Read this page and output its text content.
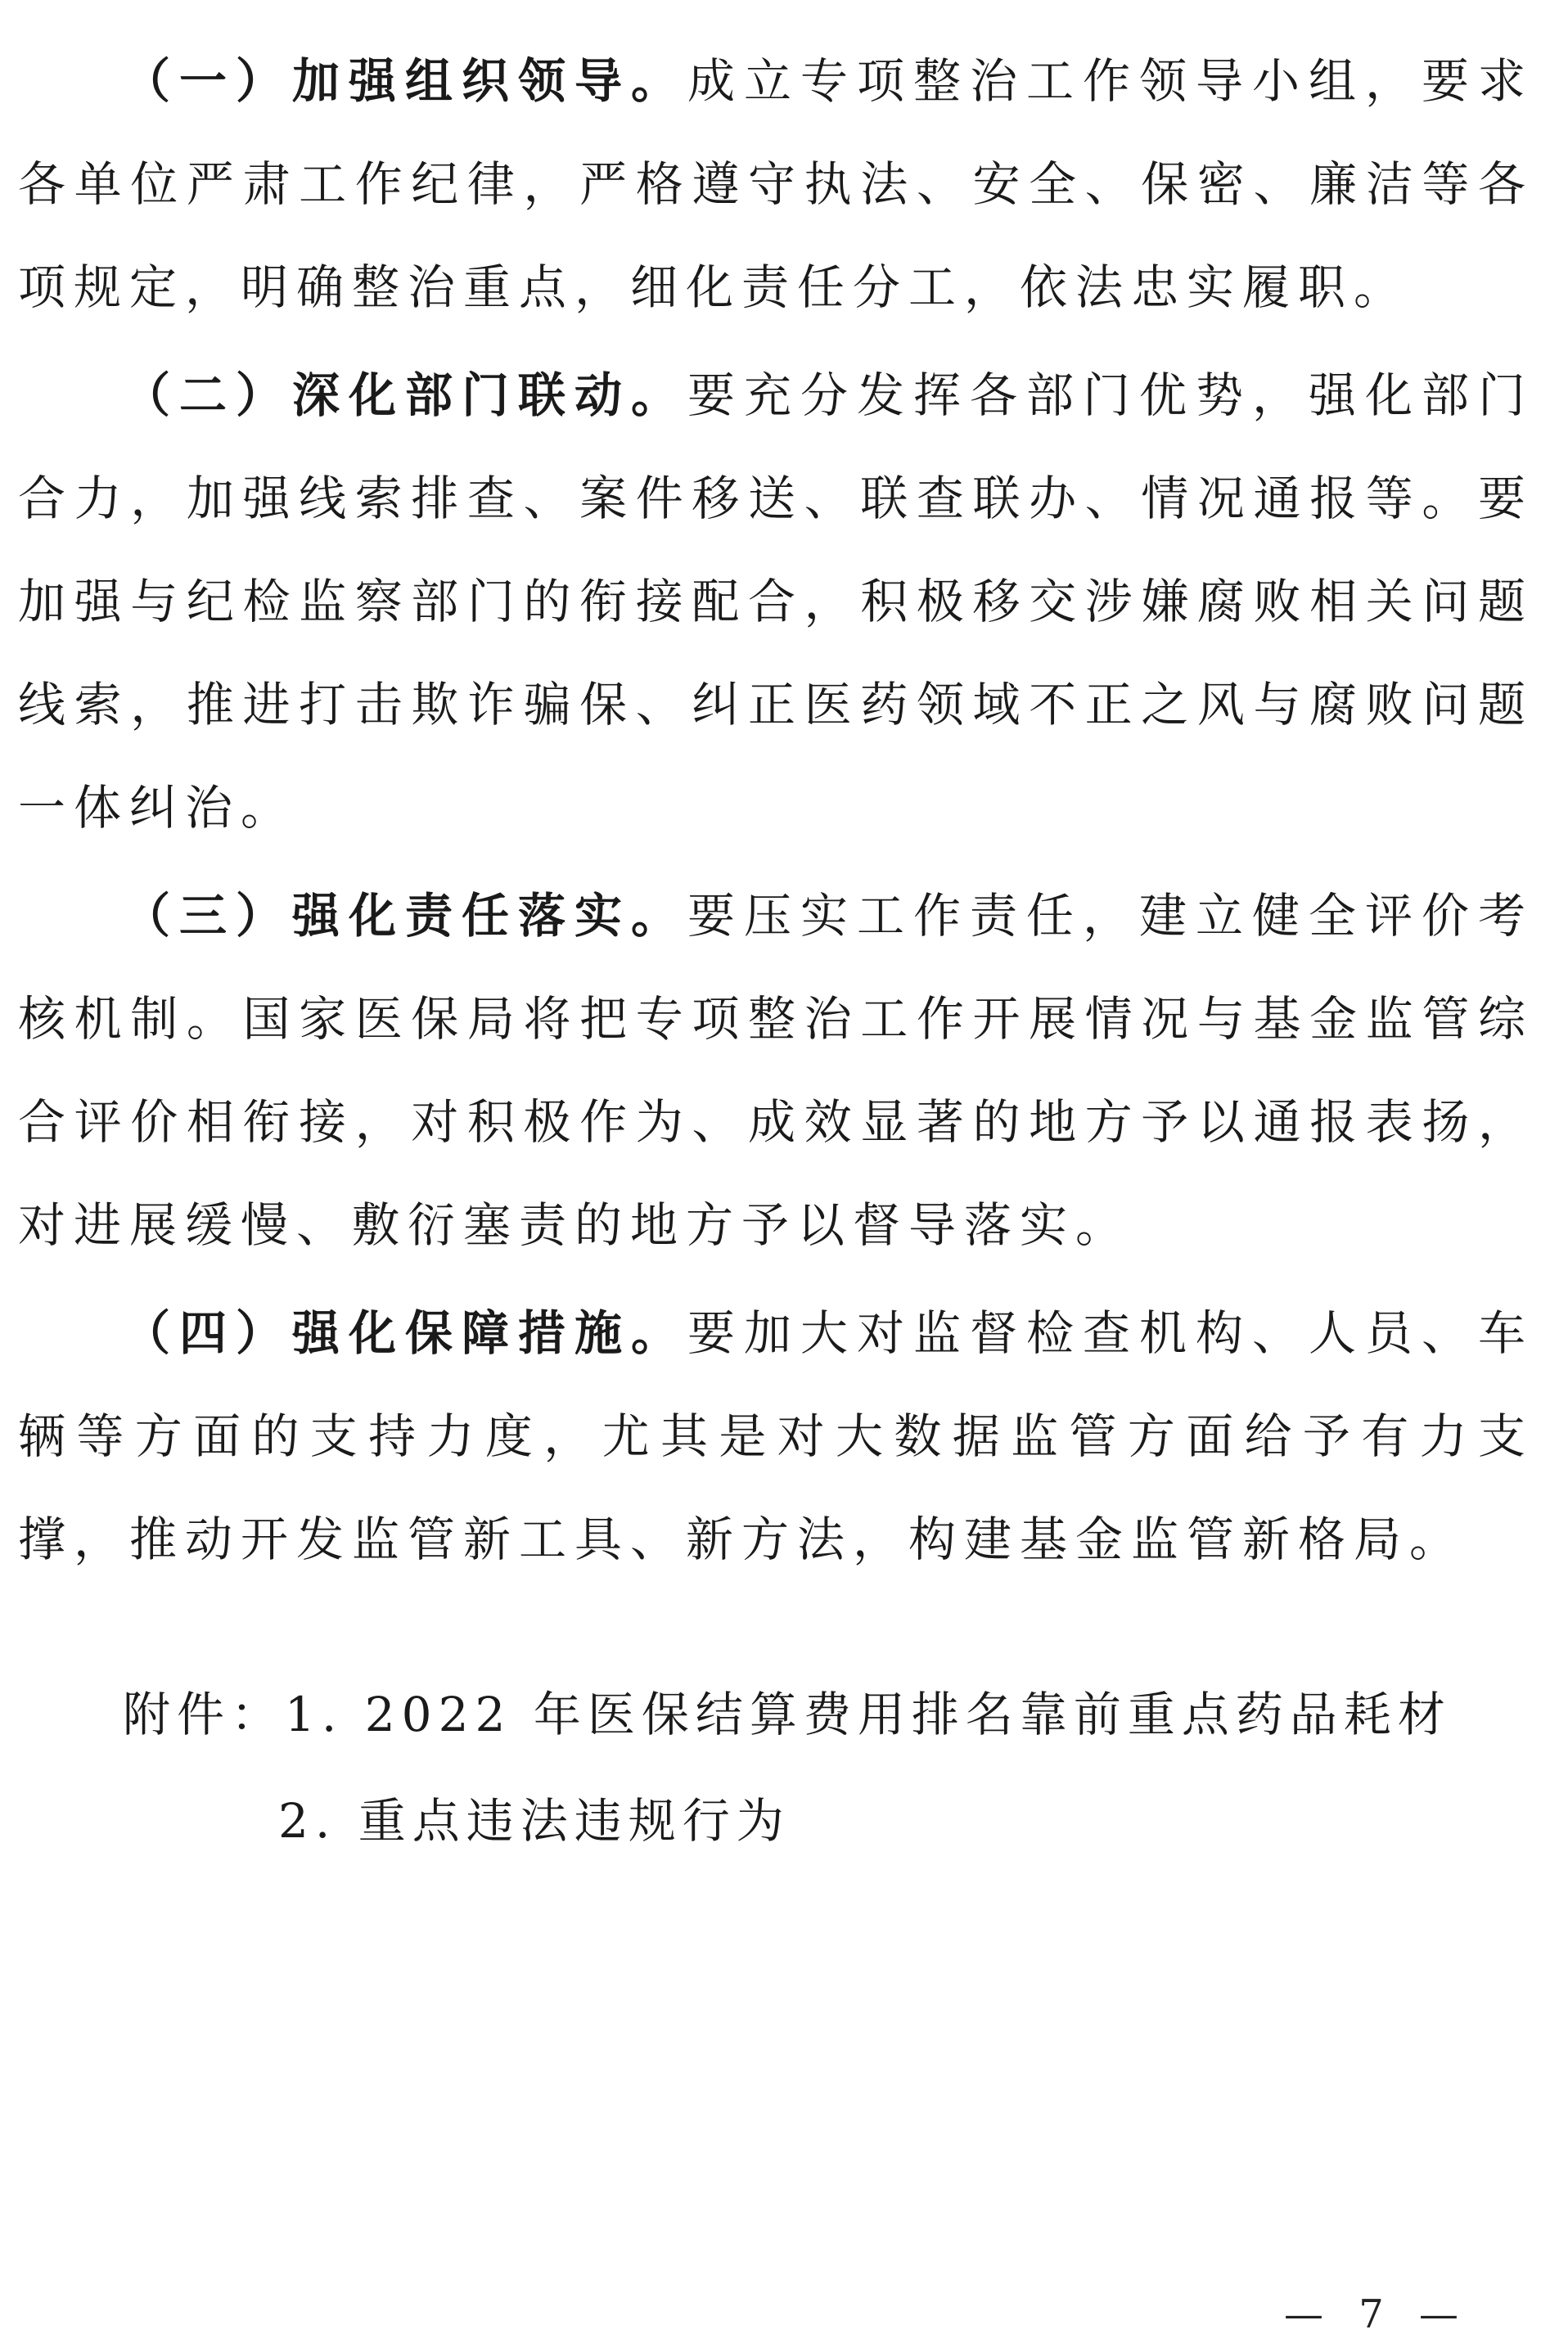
（一）加强组织领导。成立专项整治工作领导小组，要求各单位严肃工作纪律，严格遵守执法、安全、保密、廉洁等各项规定，明确整治重点，细化责任分工，依法忠实履职。

（二）深化部门联动。要充分发挥各部门优势，强化部门合力，加强线索排查、案件移送、联查联办、情况通报等。要加强与纪检监察部门的衔接配合，积极移交涉嫌腐败相关问题线索，推进打击欺诈骗保、纠正医药领域不正之风与腐败问题一体纠治。

（三）强化责任落实。要压实工作责任，建立健全评价考核机制。国家医保局将把专项整治工作开展情况与基金监管综合评价相衔接，对积极作为、成效显著的地方予以通报表扬，对进展缓慢、敷衍塞责的地方予以督导落实。

（四）强化保障措施。要加大对监督检查机构、人员、车辆等方面的支持力度，尤其是对大数据监管方面给予有力支撑，推动开发监管新工具、新方法，构建基金监管新格局。

附件：1. 2022 年医保结算费用排名靠前重点药品耗材
2. 重点违法违规行为
— 7 —
